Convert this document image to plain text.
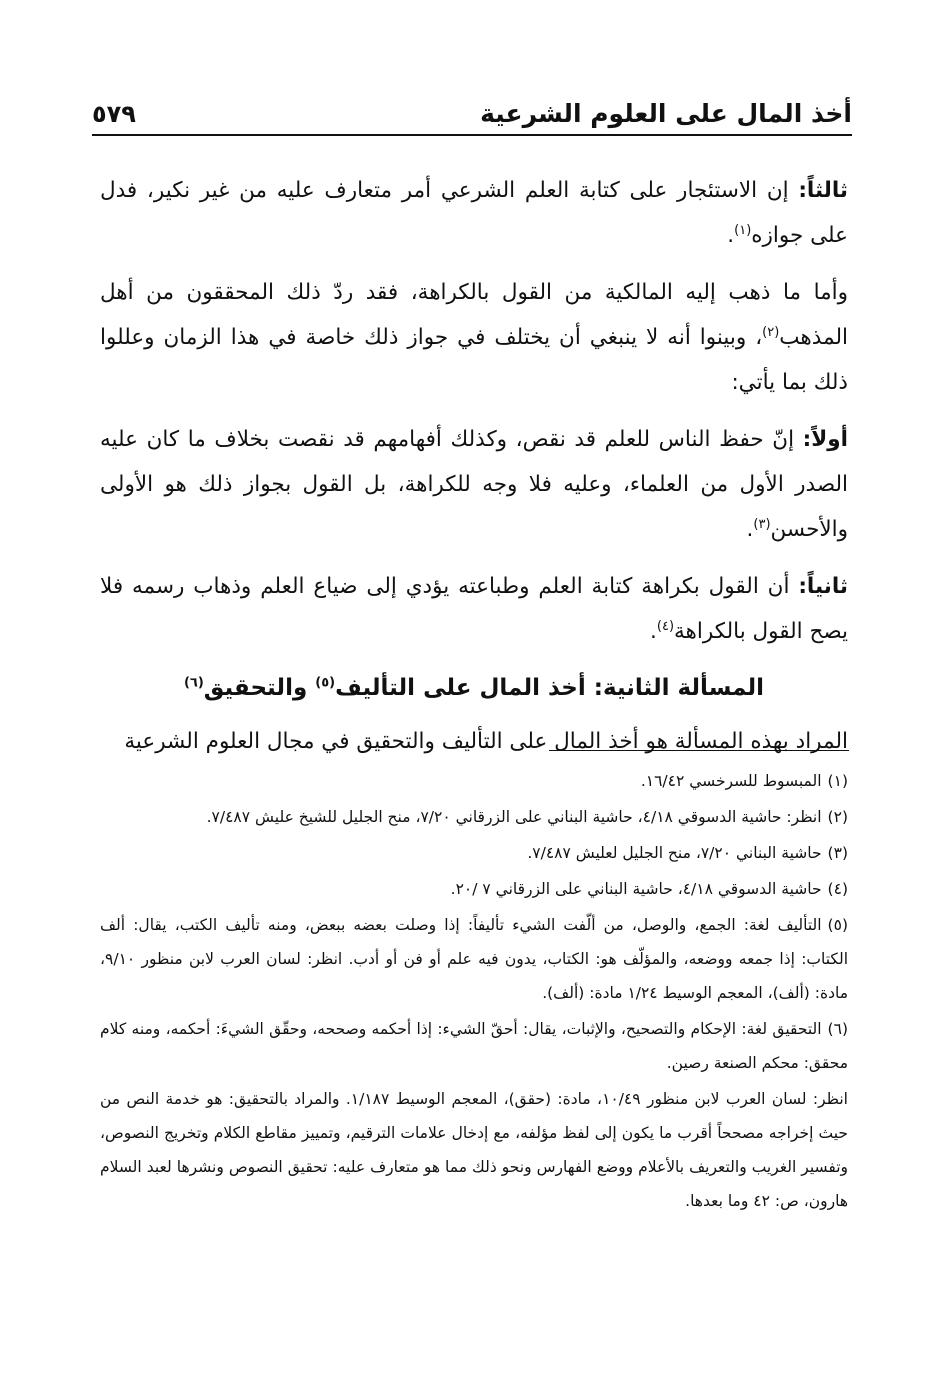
أخذ المال على العلوم الشرعية
٥٧٩

ثالثاً: إن الاستئجار على كتابة العلم الشرعي أمر متعارف عليه من غير نكير، فدل على جوازه$^{(١)}$.

وأما ما ذهب إليه المالكية من القول بالكراهة، فقد ردّ ذلك المحققون من أهل المذهب$^{(٢)}$، وبينوا أنه لا ينبغي أن يختلف في جواز ذلك خاصة في هذا الزمان وعللوا ذلك بما يأتي:

أولاً: إنّ حفظ الناس للعلم قد نقص، وكذلك أفهامهم قد نقصت بخلاف ما كان عليه الصدر الأول من العلماء، وعليه فلا وجه للكراهة، بل القول بجواز ذلك هو الأولى والأحسن$^{(٣)}$.

ثانياً: أن القول بكراهة كتابة العلم وطباعته يؤدي إلى ضياع العلم وذهاب رسمه فلا يصح القول بالكراهة$^{(٤)}$.

المسألة الثانية: أخذ المال على التأليف$^{(٥)}$ والتحقيق$^{(٦)}$

المراد بهذه المسألة هو أخذ المال على التأليف والتحقيق في مجال العلوم الشرعية

(١)المبسوط للسرخسي ١٦/٤٢.
(٢)انظر: حاشية الدسوقي ٤/١٨، حاشية البناني على الزرقاني ٧/٢٠، منح الجليل للشيخ عليش ٧/٤٨٧.
(٣)حاشية البناني ٧/٢٠، منح الجليل لعليش ٧/٤٨٧.
(٤)حاشية الدسوقي ٤/١٨، حاشية البناني على الزرقاني ٧ /٢٠.
(٥)التأليف لغة: الجمع، والوصل، من ألّفت الشيء تأليفاً: إذا وصلت بعضه ببعض، ومنه تأليف الكتب، يقال: ألف الكتاب: إذا جمعه ووضعه، والمؤلّف هو: الكتاب، يدون فيه علم أو فن أو أدب. انظر: لسان العرب لابن منظور ٩/١٠، مادة: (ألف)، المعجم الوسيط ١/٢٤ مادة: (ألف).
(٦)التحقيق لغة: الإحكام والتصحيح، والإثبات، يقال: أحقّ الشيء: إذا أحكمه وصححه، وحقّق الشيءَ: أحكمه، ومنه كلام محقق: محكم الصنعة رصين.
انظر: لسان العرب لابن منظور ١٠/٤٩، مادة: (حقق)، المعجم الوسيط ١/١٨٧. والمراد بالتحقيق: هو خدمة النص من حيث إخراجه مصححاً أقرب ما يكون إلى لفظ مؤلفه، مع إدخال علامات الترقيم، وتمييز مقاطع الكلام وتخريج النصوص، وتفسير الغريب والتعريف بالأعلام ووضع الفهارس ونحو ذلك مما هو متعارف عليه: تحقيق النصوص ونشرها لعبد السلام هارون، ص: ٤٢ وما بعدها.
